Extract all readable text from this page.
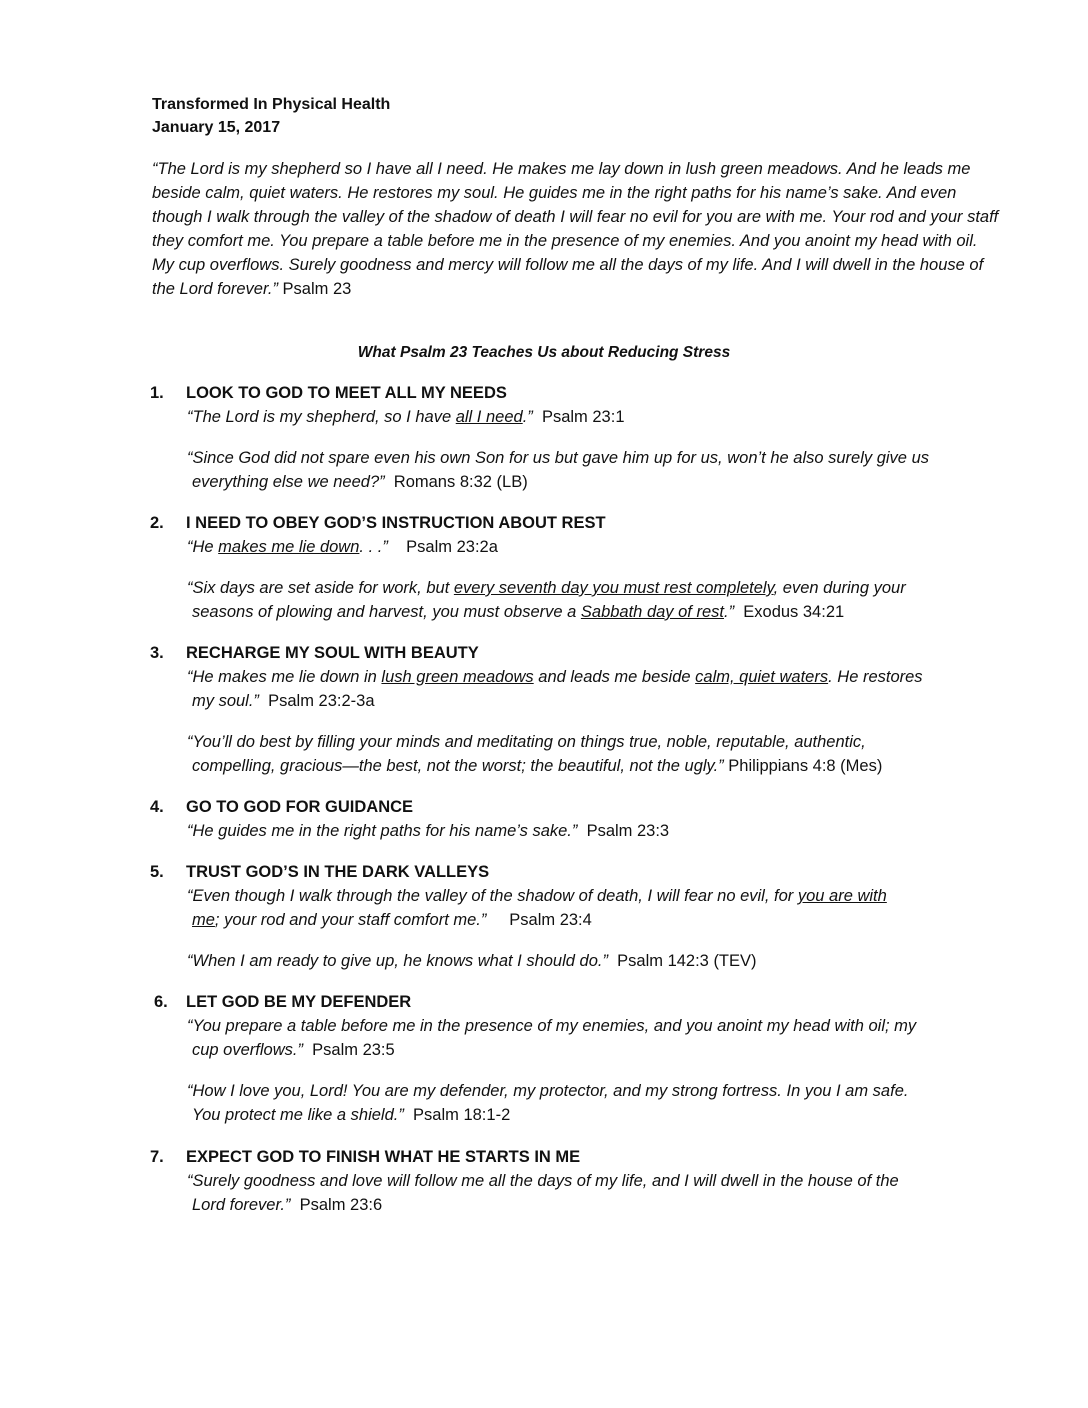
Transformed In Physical Health
January 15, 2017
“The Lord is my shepherd so I have all I need. He makes me lay down in lush green meadows. And he leads me beside calm, quiet waters. He restores my soul. He guides me in the right paths for his name’s sake. And even though I walk through the valley of the shadow of death I will fear no evil for you are with me. Your rod and your staff they comfort me. You prepare a table before me in the presence of my enemies. And you anoint my head with oil. My cup overflows. Surely goodness and mercy will follow me all the days of my life. And I will dwell in the house of the Lord forever.” Psalm 23
What Psalm 23 Teaches Us about Reducing Stress
1. LOOK TO GOD TO MEET ALL MY NEEDS
“The Lord is my shepherd, so I have all I need.” Psalm 23:1
“Since God did not spare even his own Son for us but gave him up for us, won’t he also surely give us
everything else we need?” Romans 8:32 (LB)
2. I NEED TO OBEY GOD’S INSTRUCTION ABOUT REST
“He makes me lie down. . .” Psalm 23:2a
“Six days are set aside for work, but every seventh day you must rest completely, even during your
seasons of plowing and harvest, you must observe a Sabbath day of rest.” Exodus 34:21
3. RECHARGE MY SOUL WITH BEAUTY
“He makes me lie down in lush green meadows and leads me beside calm, quiet waters. He restores
my soul.” Psalm 23:2-3a
“You’ll do best by filling your minds and meditating on things true, noble, reputable, authentic,
compelling, gracious—the best, not the worst; the beautiful, not the ugly.” Philippians 4:8 (Mes)
4. GO TO GOD FOR GUIDANCE
“He guides me in the right paths for his name’s sake.” Psalm 23:3
5. TRUST GOD’S IN THE DARK VALLEYS
“Even though I walk through the valley of the shadow of death, I will fear no evil, for you are with
me; your rod and your staff comfort me.” Psalm 23:4
“When I am ready to give up, he knows what I should do.” Psalm 142:3 (TEV)
6. LET GOD BE MY DEFENDER
“You prepare a table before me in the presence of my enemies, and you anoint my head with oil; my
cup overflows.” Psalm 23:5
“How I love you, Lord! You are my defender, my protector, and my strong fortress. In you I am safe.
You protect me like a shield.” Psalm 18:1-2
7. EXPECT GOD TO FINISH WHAT HE STARTS IN ME
“Surely goodness and love will follow me all the days of my life, and I will dwell in the house of the
Lord forever.” Psalm 23:6
